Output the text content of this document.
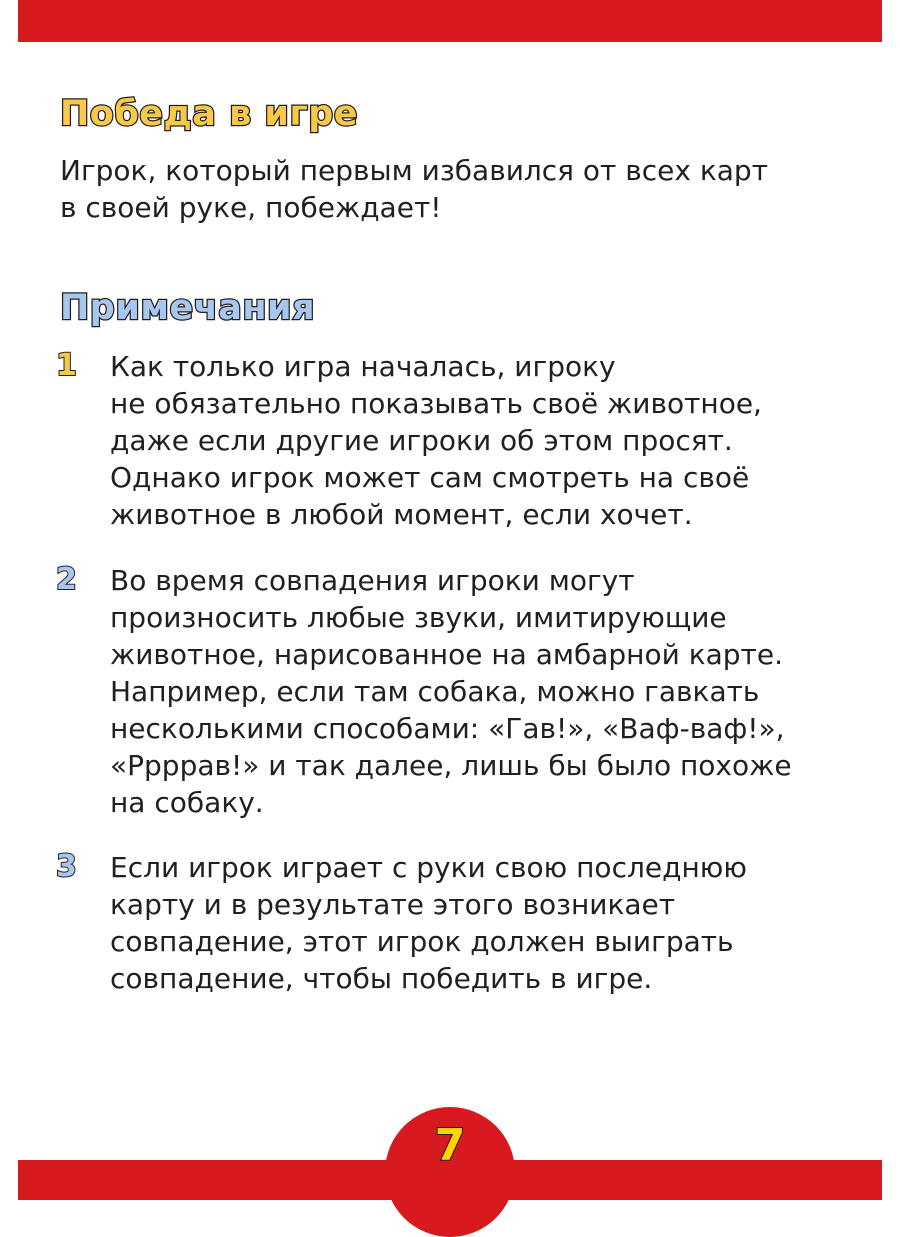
Победа в игре

Игрок, который первым избавился от всех карт
в своей руке, побеждает!

Примечания
1 Как только игра началась, игроку
не обязательно показывать своё животное,
даже если другие игроки об этом просят.
Однако игрок может сам смотреть на своё
животное в любой момент, если хочет.

2 Во время совпадения игроки могут
произносить любые звуки, имитирующие
животное, нарисованное на амбарной карте.
Например, если там собака, можно гавкать
несколькими способами: «Гав!», «Ваф-ваф!»,
«Ррррав!» и так далее, лишь бы было похоже
на собаку.

3 Если игрок играет с руки свою последнюю
карту и в результате этого возникает
совпадение, этот игрок должен выиграть
совпадение, чтобы победить в игре.

7
